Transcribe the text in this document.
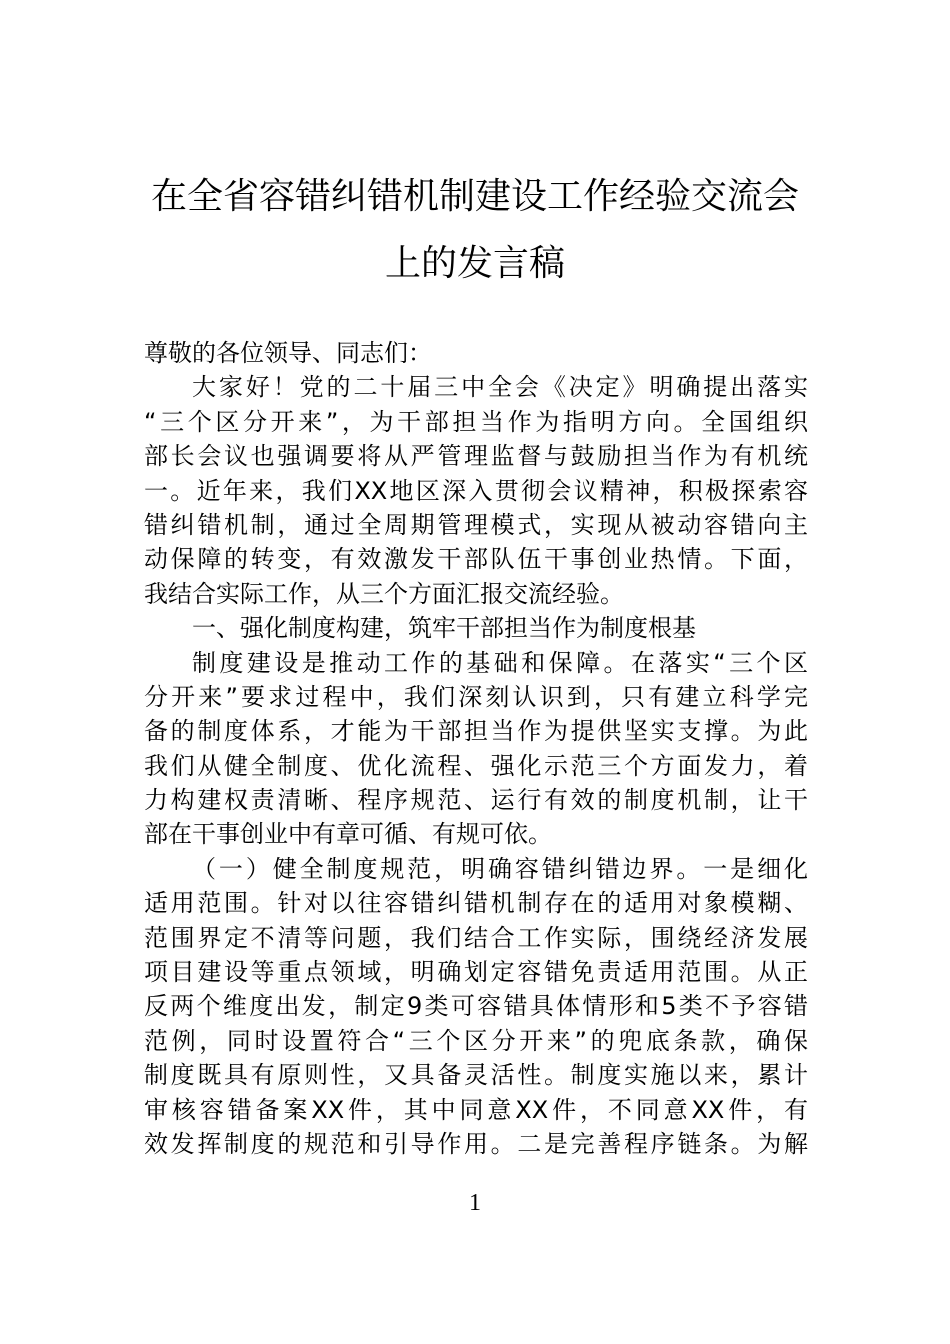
在全省容错纠错机制建设工作经验交流会
上的发言稿
尊敬的各位领导、同志们：
大家好！党的二十届三中全会《决定》明确提出落实
“三个区分开来”，为干部担当作为指明方向。全国组织
部长会议也强调要将从严管理监督与鼓励担当作为有机统
一。近年来，我们XX地区深入贯彻会议精神，积极探索容
错纠错机制，通过全周期管理模式，实现从被动容错向主
动保障的转变，有效激发干部队伍干事创业热情。下面，
我结合实际工作，从三个方面汇报交流经验。
一、强化制度构建，筑牢干部担当作为制度根基
制度建设是推动工作的基础和保障。在落实“三个区
分开来”要求过程中，我们深刻认识到，只有建立科学完
备的制度体系，才能为干部担当作为提供坚实支撑。为此
我们从健全制度、优化流程、强化示范三个方面发力，着
力构建权责清晰、程序规范、运行有效的制度机制，让干
部在干事创业中有章可循、有规可依。
（一）健全制度规范，明确容错纠错边界。一是细化
适用范围。针对以往容错纠错机制存在的适用对象模糊、
范围界定不清等问题，我们结合工作实际，围绕经济发展
项目建设等重点领域，明确划定容错免责适用范围。从正
反两个维度出发，制定9类可容错具体情形和5类不予容错
范例，同时设置符合“三个区分开来”的兜底条款，确保
制度既具有原则性，又具备灵活性。制度实施以来，累计
审核容错备案XX件，其中同意XX件，不同意XX件，有
效发挥制度的规范和引导作用。二是完善程序链条。为解
1
